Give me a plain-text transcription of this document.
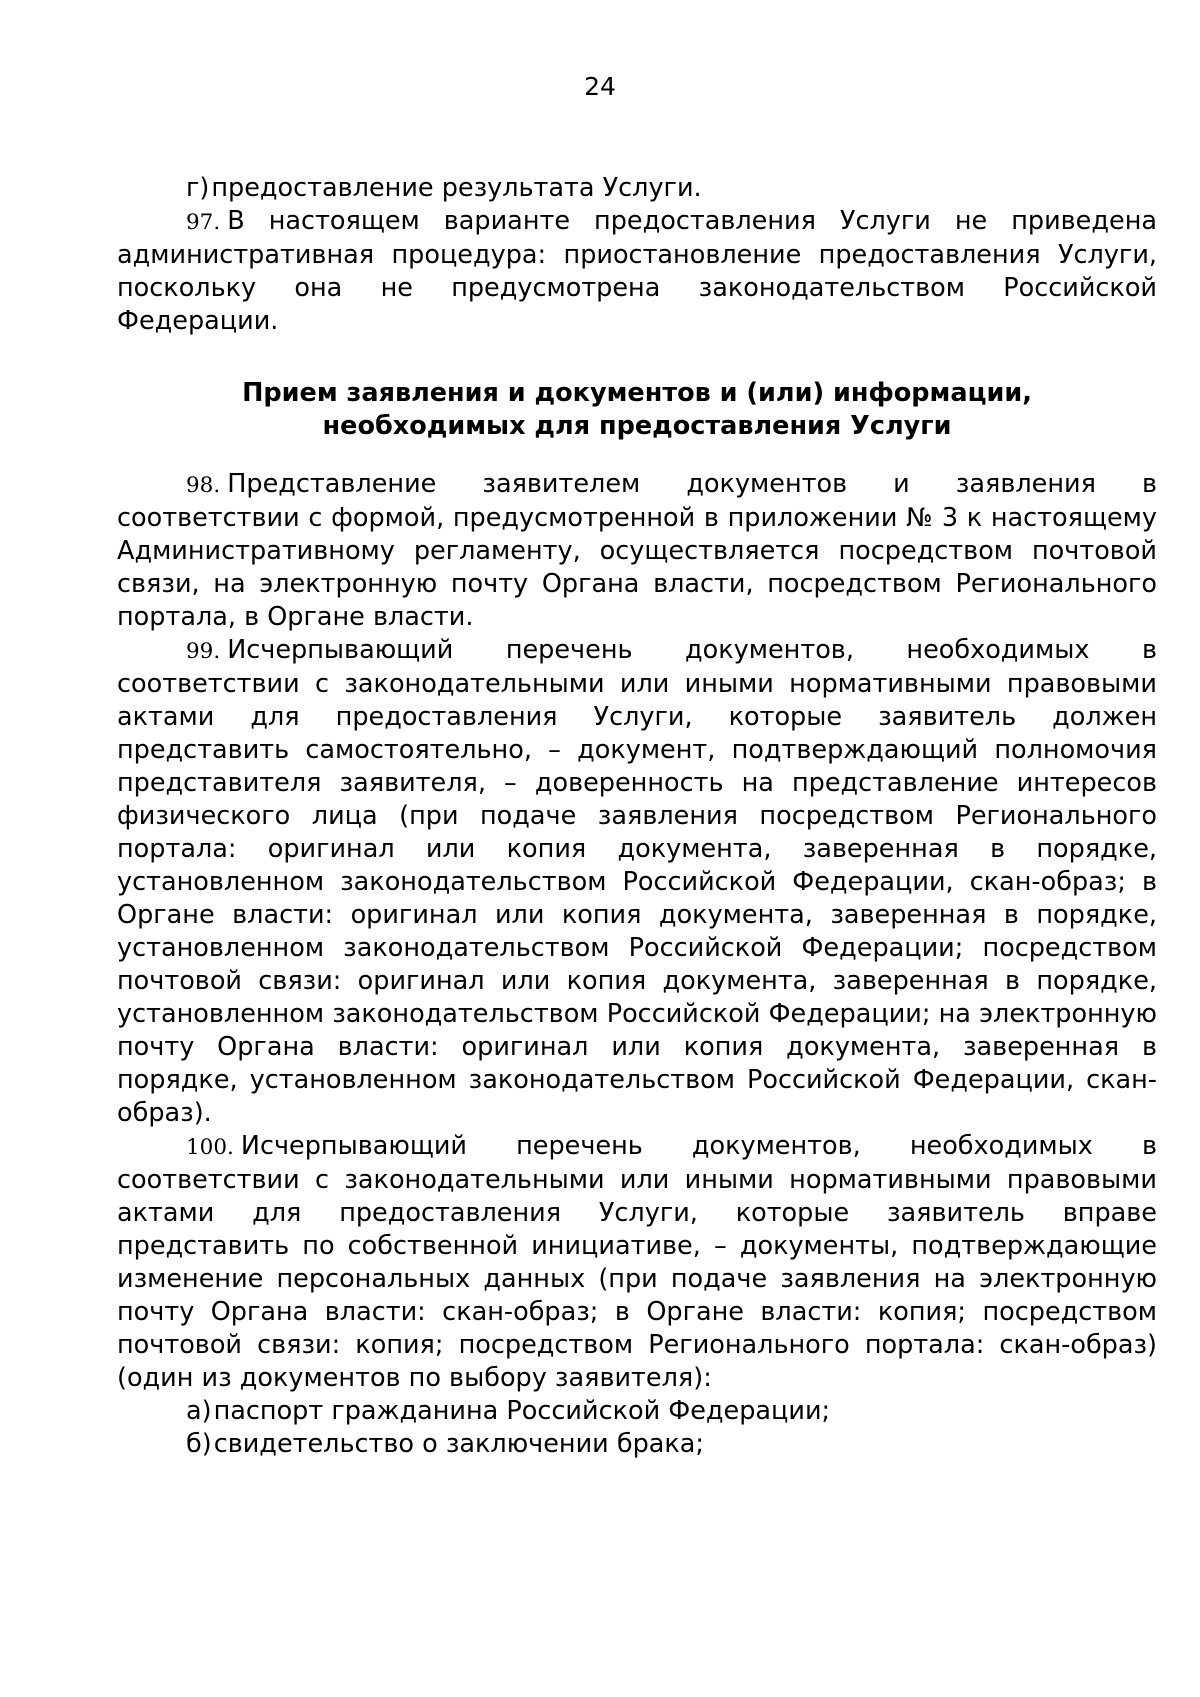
24

г)предоставление результата Услуги.

97. В настоящем варианте предоставления Услуги не приведена административная процедура: приостановление предоставления Услуги, поскольку она не предусмотрена законодательством Российской Федерации.

Прием заявления и документов и (или) информации,
необходимых для предоставления Услуги

98. Представление заявителем документов и заявления в соответствии с формой, предусмотренной в приложении № 3 к настоящему Административному регламенту, осуществляется посредством почтовой связи, на электронную почту Органа власти, посредством Регионального портала, в Органе власти.

99. Исчерпывающий перечень документов, необходимых в соответствии с законодательными или иными нормативными правовыми актами для предоставления Услуги, которые заявитель должен представить самостоятельно, – документ, подтверждающий полномочия представителя заявителя, – доверенность на представление интересов физического лица (при подаче заявления посредством Регионального портала: оригинал или копия документа, заверенная в порядке, установленном законодательством Российской Федерации, скан-образ; в Органе власти: оригинал или копия документа, заверенная в порядке, установленном законодательством Российской Федерации; посредством почтовой связи: оригинал или копия документа, заверенная в порядке, установленном законодательством Российской Федерации; на электронную почту Органа власти: оригинал или копия документа, заверенная в порядке, установленном законодательством Российской Федерации, скан-образ).

100. Исчерпывающий перечень документов, необходимых в соответствии с законодательными или иными нормативными правовыми актами для предоставления Услуги, которые заявитель вправе представить по собственной инициативе, – документы, подтверждающие изменение персональных данных (при подаче заявления на электронную почту Органа власти: скан-образ; в Органе власти: копия; посредством почтовой связи: копия; посредством Регионального портала: скан-образ) (один из документов по выбору заявителя):

а)паспорт гражданина Российской Федерации;

б)свидетельство о заключении брака;
